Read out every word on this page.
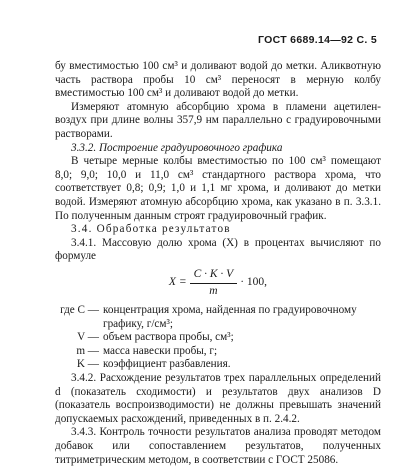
ГОСТ 6689.14—92 С. 5

бу вместимостью 100 см³ и доливают водой до метки. Аликвотную часть раствора пробы 10 см³ переносят в мерную колбу вместимостью 100 см³ и доливают водой до метки.

Измеряют атомную абсорбцию хрома в пламени ацетилен-воздух при длине волны 357,9 нм параллельно с градуировочными растворами.

3.3.2. Построение градуировочного графика

В четыре мерные колбы вместимостью по 100 см³ помещают 8,0; 9,0; 10,0 и 11,0 см³ стандартного раствора хрома, что соответствует 0,8; 0,9; 1,0 и 1,1 мг хрома, и доливают до метки водой. Измеряют атомную абсорбцию хрома, как указано в п. 3.3.1. По полученным данным строят градуировочный график.

3.4. Обработка результатов

3.4.1. Массовую долю хрома (X) в процентах вычисляют по формуле

$X = \frac{C \cdot K \cdot V}{m} \cdot 100$,
где C — концентрация хрома, найденная по градуировочному
графику, г/см³;
V — объем раствора пробы, см³;
m — масса навески пробы, г;
K — коэффициент разбавления.

3.4.2. Расхождение результатов трех параллельных определений d (показатель сходимости) и результатов двух анализов D (показатель воспроизводимости) не должны превышать значений допускаемых расхождений, приведенных в п. 2.4.2.

3.4.3. Контроль точности результатов анализа проводят методом добавок или сопоставлением результатов, полученных титриметрическим методом, в соответствии с ГОСТ 25086.
